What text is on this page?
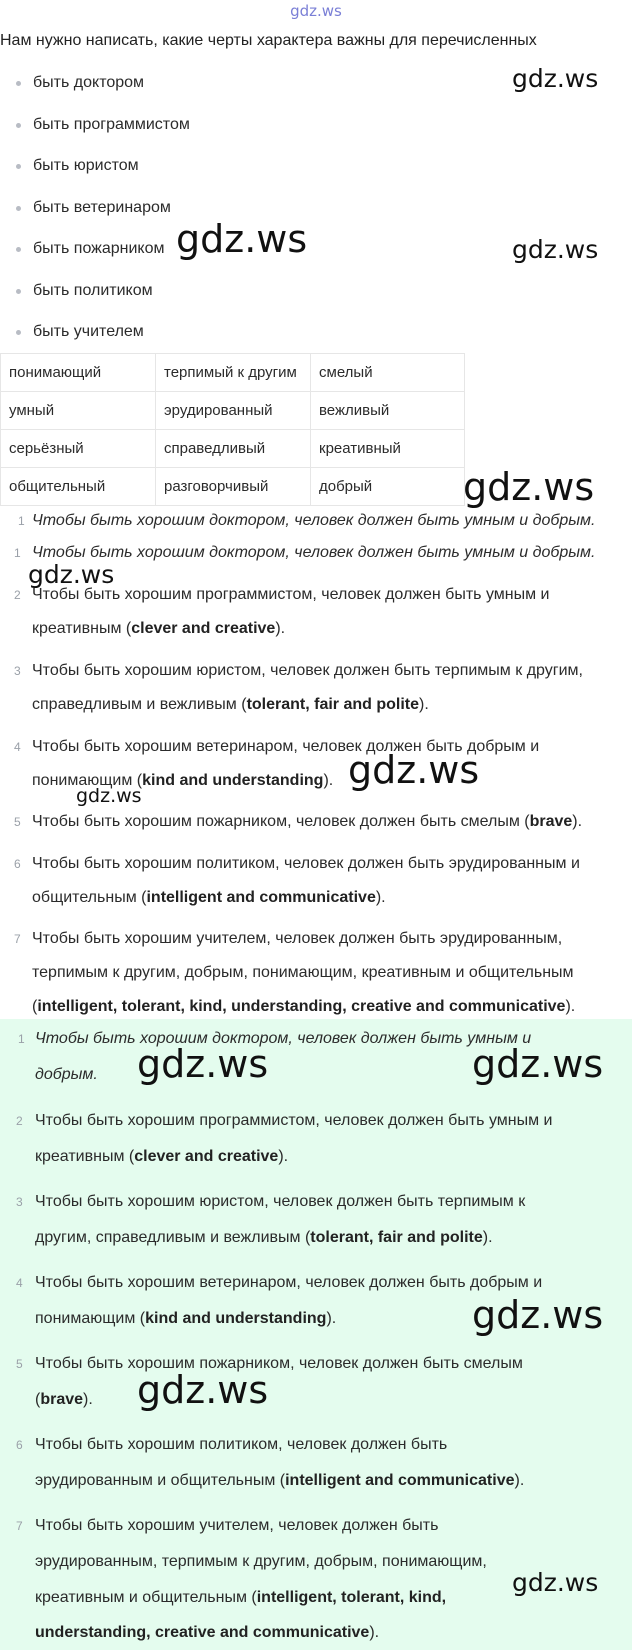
gdz.ws
Нам нужно написать, какие черты характера важны для перечисленных
быть доктором
быть программистом
быть юристом
быть ветеринаром
быть пожарником
быть политиком
быть учителем
понимающий	терпимый к другим	смелый
умный	эрудированный	вежливый
серьёзный	справедливый	креативный
общительный	разговорчивый	добрый
1 Чтобы быть хорошим доктором, человек должен быть умным и добрым.
1 Чтобы быть хорошим доктором, человек должен быть умным и добрым.
2 Чтобы быть хорошим программистом, человек должен быть умным и
креативным (clever and creative).
3 Чтобы быть хорошим юристом, человек должен быть терпимым к другим,
справедливым и вежливым (tolerant, fair and polite).
4 Чтобы быть хорошим ветеринаром, человек должен быть добрым и
понимающим (kind and understanding).
5 Чтобы быть хорошим пожарником, человек должен быть смелым (brave).
6 Чтобы быть хорошим политиком, человек должен быть эрудированным и
общительным (intelligent and communicative).
7 Чтобы быть хорошим учителем, человек должен быть эрудированным,
терпимым к другим, добрым, понимающим, креативным и общительным
(intelligent, tolerant, kind, understanding, creative and communicative).
1 Чтобы быть хорошим доктором, человек должен быть умным и
добрым.
2 Чтобы быть хорошим программистом, человек должен быть умным и
креативным (clever and creative).
3 Чтобы быть хорошим юристом, человек должен быть терпимым к
другим, справедливым и вежливым (tolerant, fair and polite).
4 Чтобы быть хорошим ветеринаром, человек должен быть добрым и
понимающим (kind and understanding).
5 Чтобы быть хорошим пожарником, человек должен быть смелым
(brave).
6 Чтобы быть хорошим политиком, человек должен быть
эрудированным и общительным (intelligent and communicative).
7 Чтобы быть хорошим учителем, человек должен быть
эрудированным, терпимым к другим, добрым, понимающим,
креативным и общительным (intelligent, tolerant, kind,
understanding, creative and communicative).
gdz.ws
gdz.ws	gdz.ws
gdz.ws
gdz.ws
gdz.ws
gdz.ws
gdz.ws	gdz.ws
gdz.ws
gdz.ws
gdz.ws
